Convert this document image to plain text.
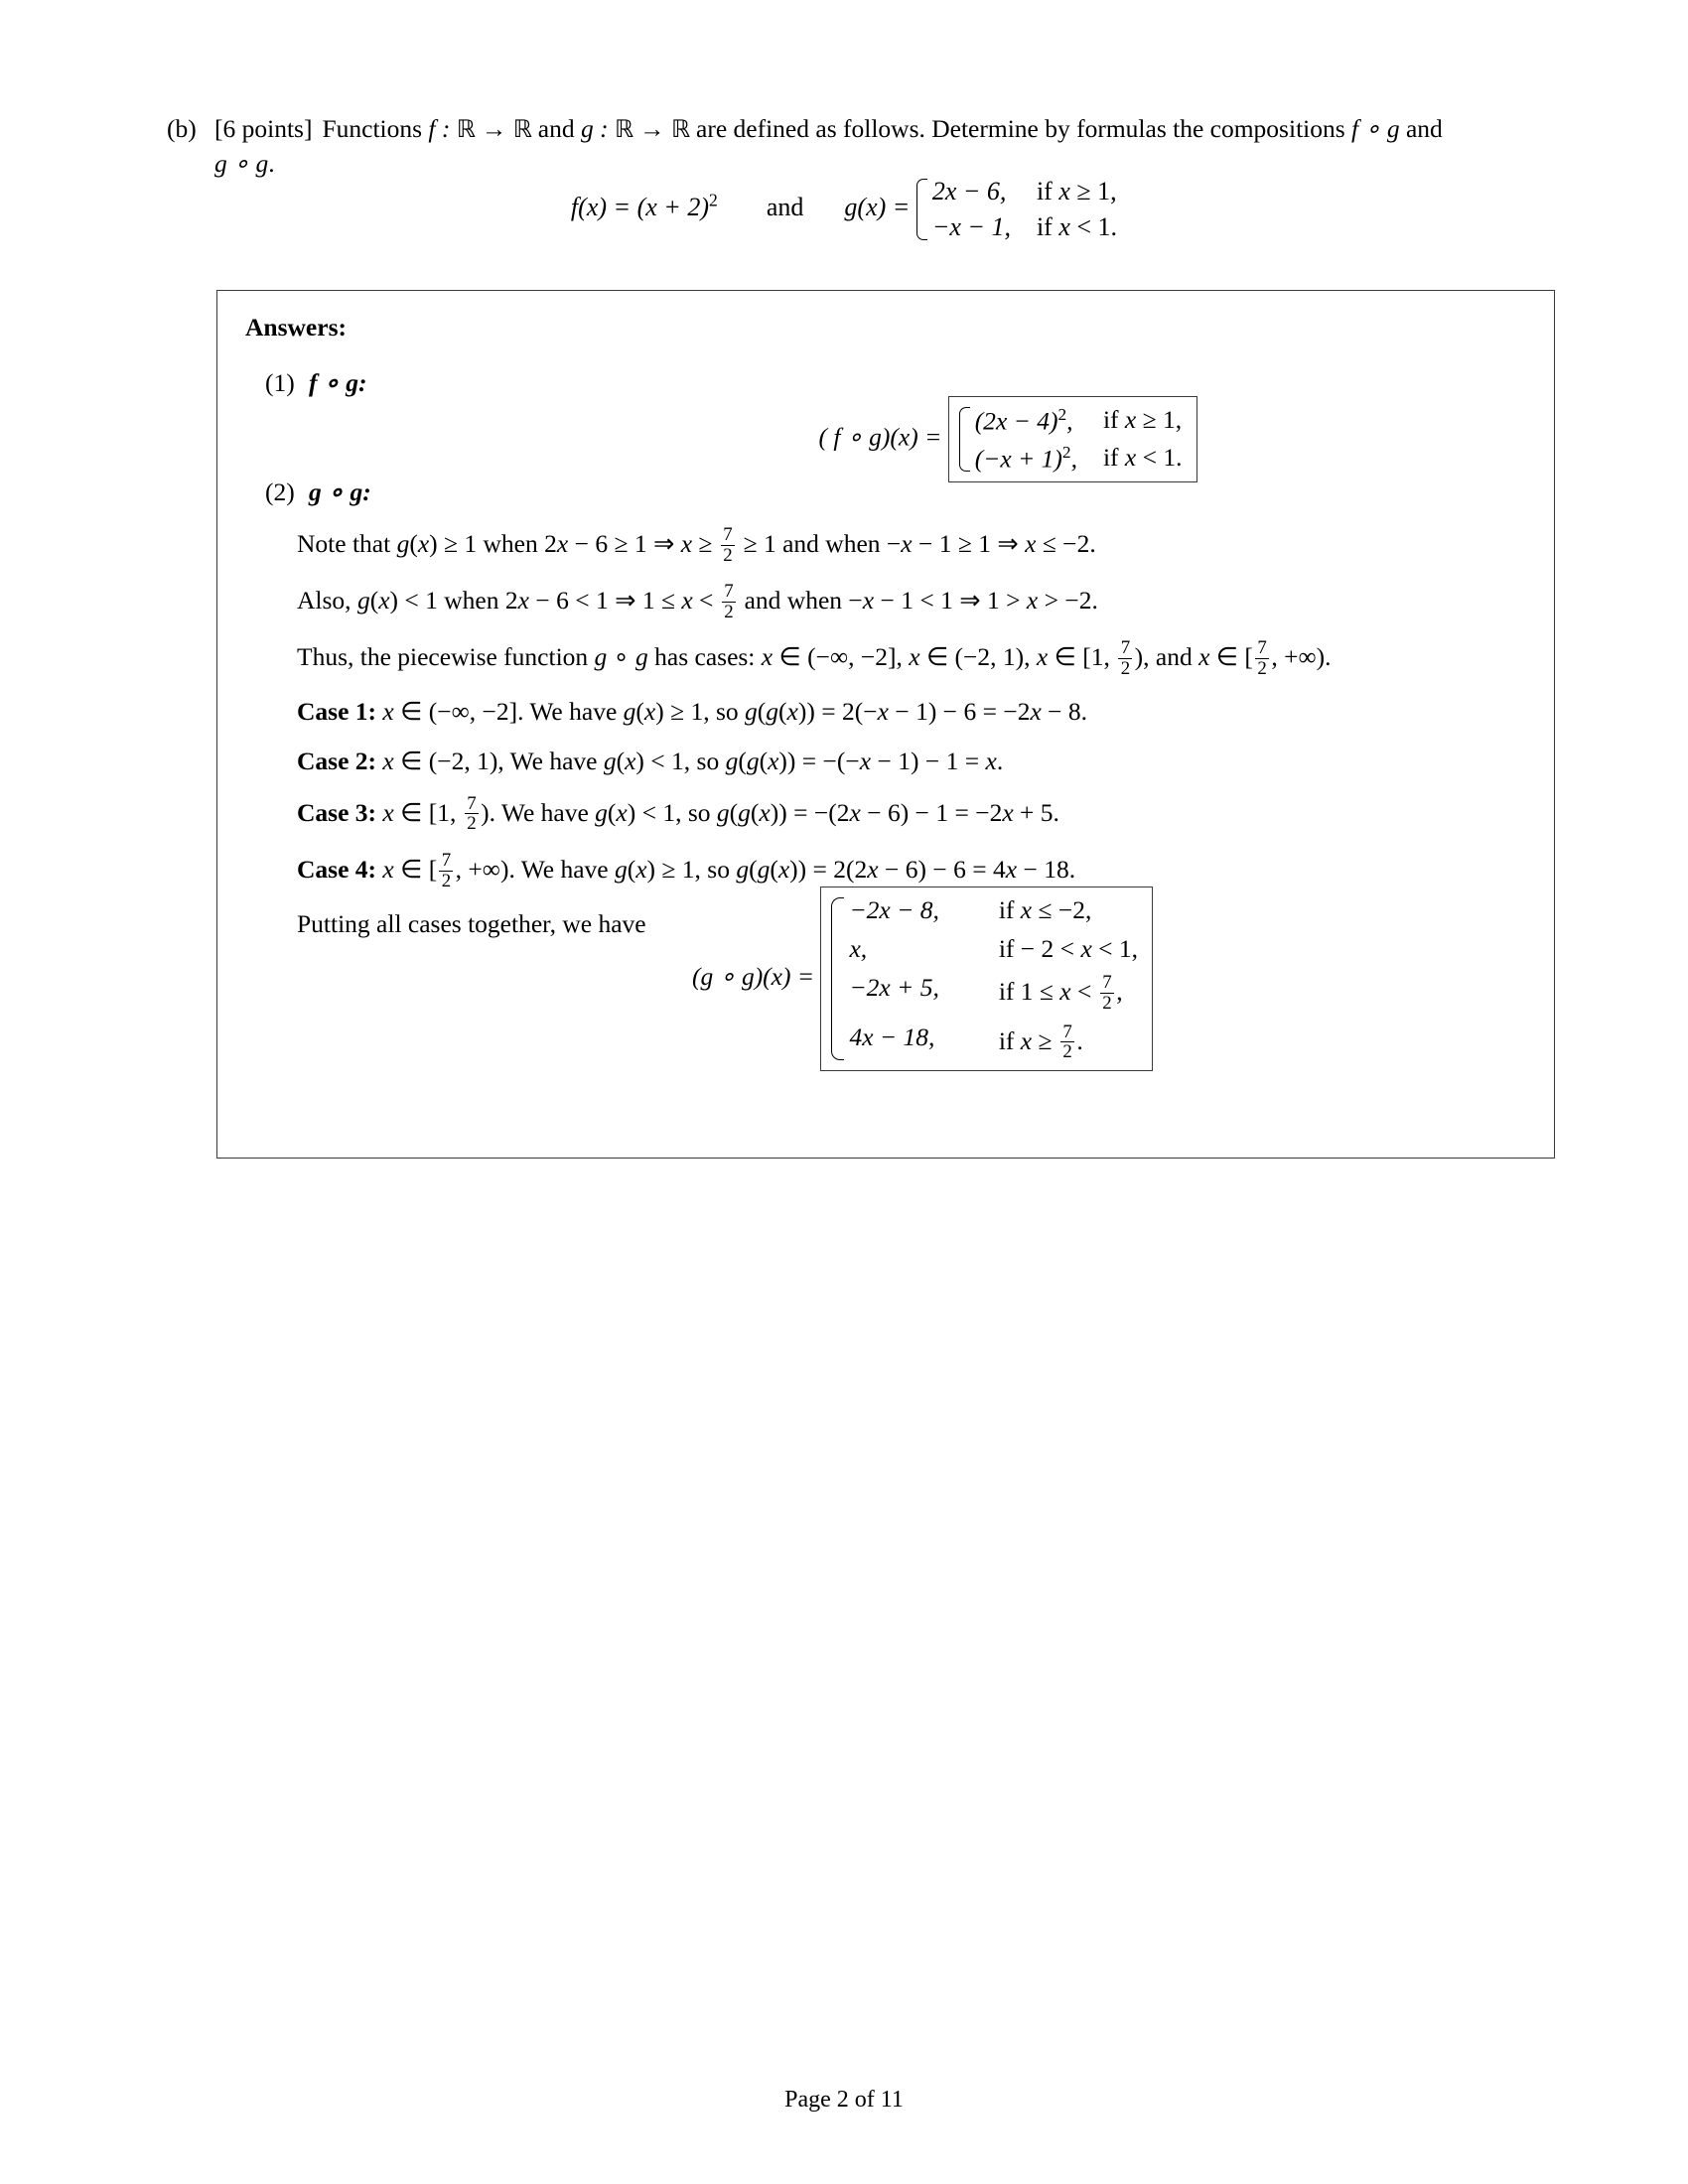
(b) [6 points] Functions f : ℝ → ℝ and g : ℝ → ℝ are defined as follows. Determine by formulas the compositions f ∘ g and
g ∘ g.
$f(x) = (x + 2)^2$ and g(x) =
2x − 6, if x ≥ 1,
−x − 1, if x < 1.
Answers:
(1) f ∘ g:
( f ∘ g)(x) =
$(2x - 4)^2$, if x ≥ 1,
$(-x + 1)^2$, if x < 1.
(2) g ∘ g:

Note that g(x) ≥ 1 when 2x − 6 ≥ 1 ⇒ $x \ge \frac{7}{2} \ge 1$ and when −x − 1 ≥ 1 ⇒ x ≤ −2.

Also, g(x) < 1 when 2x − 6 < 1 ⇒ $1 \le x < \frac{7}{2}$ and when −x − 1 < 1 ⇒ 1 > x > −2.

Thus, the piecewise function g ∘ g has cases: x ∈ (−∞, −2], x ∈ (−2, 1), x ∈ [1, $\frac{7}{2}$ ), and x ∈ [ $\frac{7}{2}$ , +∞).

Case 1: x ∈ (−∞, −2]. We have g(x) ≥ 1, so g(g(x)) = 2(−x − 1) − 6 = −2x − 8.

Case 2: x ∈ (−2, 1), We have g(x) < 1, so g(g(x)) = −(−x − 1) − 1 = x.

Case 3: x ∈ [1, $\frac{7}{2}$ ). We have g(x) < 1, so g(g(x)) = −(2x − 6) − 1 = −2x + 5.

Case 4: x ∈ [ $\frac{7}{2}$ , +∞). We have g(x) ≥ 1, so g(g(x)) = 2(2x − 6) − 6 = 4x − 18.

Putting all cases together, we have

(g ∘ g)(x) =
−2x − 8, if x ≤ −2,
x,	if − 2 < x < 1,
−2x + 5, if $1 \le x < \frac{7}{2}$ ,
4x − 18,	if $x \ge \frac{7}{2}$ .
Page 2 of 11
